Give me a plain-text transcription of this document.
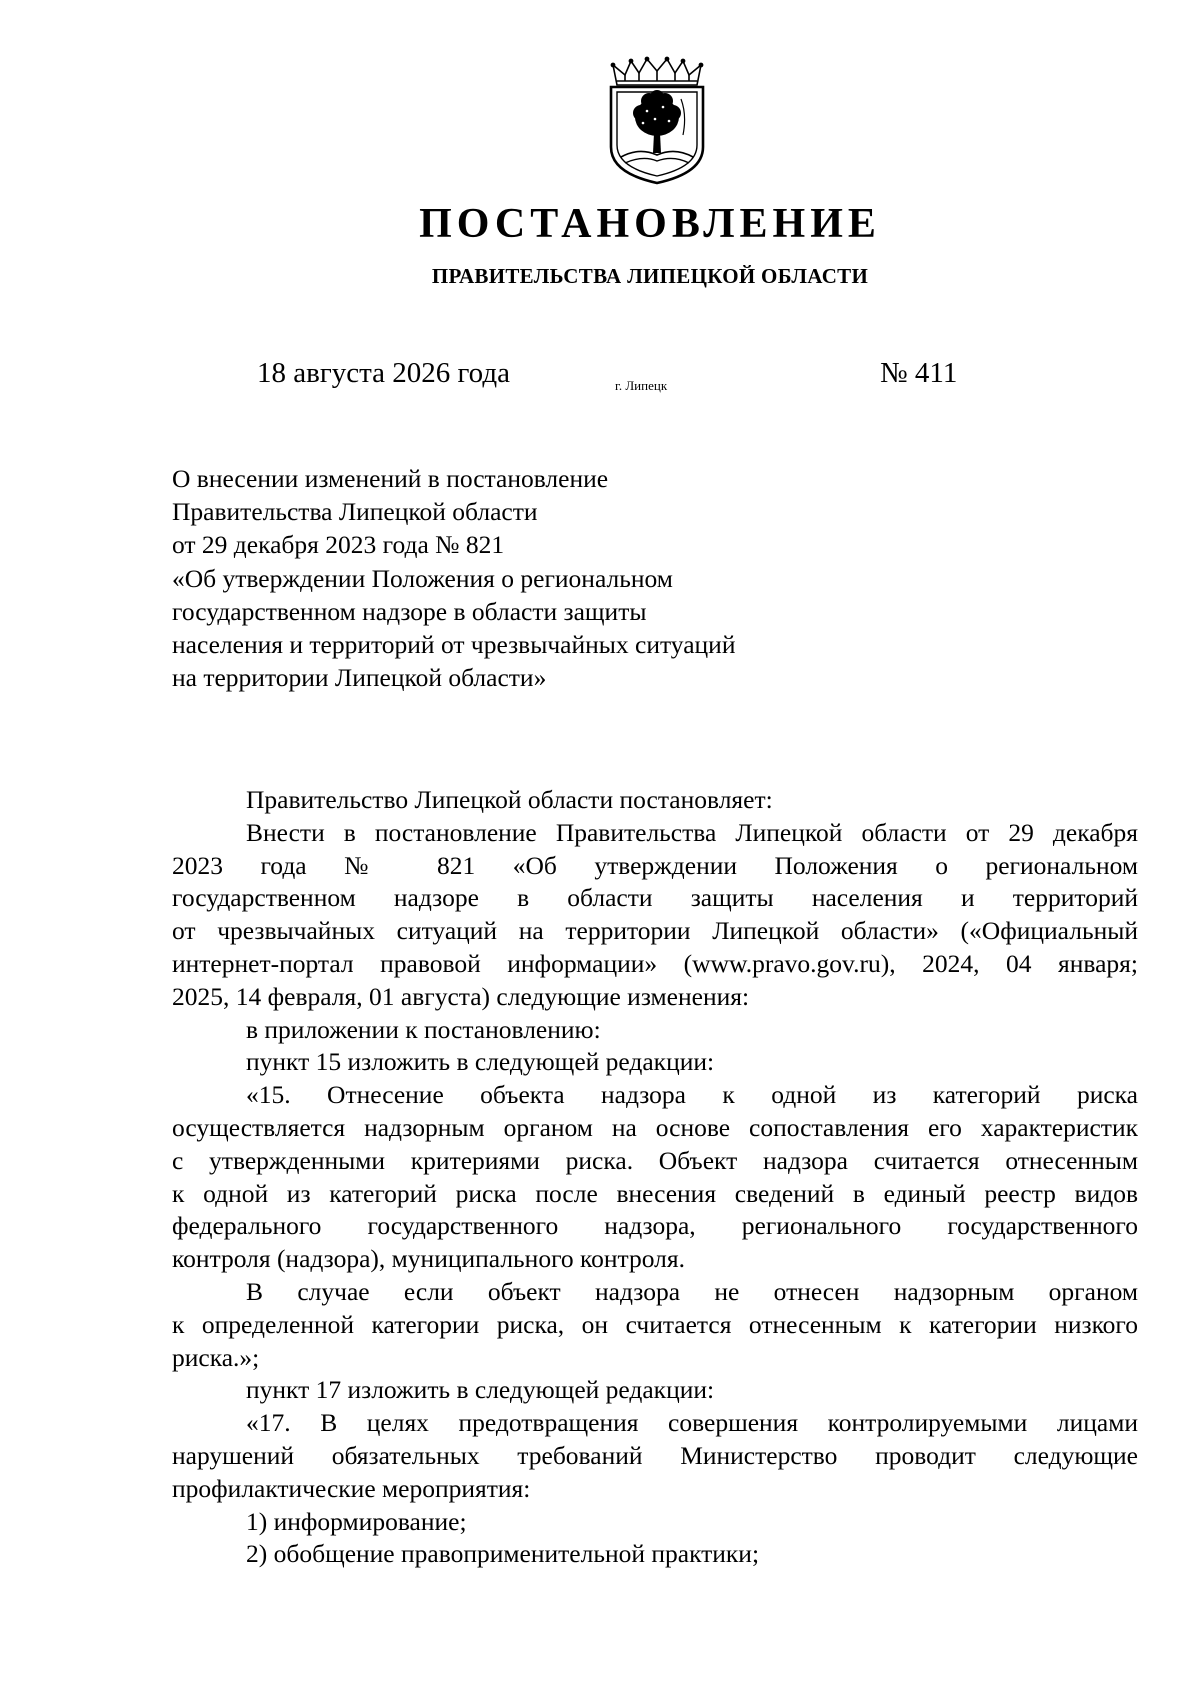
ПОСТАНОВЛЕНИЕ
ПРАВИТЕЛЬСТВА ЛИПЕЦКОЙ ОБЛАСТИ
18 августа 2026 года	г. Липецк	№ 411
О внесении изменений в постановление
Правительства Липецкой области
от 29 декабря 2023 года № 821
«Об утверждении Положения о региональном
государственном надзоре в области защиты
населения и территорий от чрезвычайных ситуаций
на территории Липецкой области»
Правительство Липецкой области постановляет:
Внести в постановление Правительства Липецкой области от 29 декабря
2023 года № 821 «Об утверждении Положения о региональном
государственном надзоре в области защиты населения и территорий
от чрезвычайных ситуаций на территории Липецкой области» («Официальный
интернет-портал правовой информации» (www.pravo.gov.ru), 2024, 04 января;
2025, 14 февраля, 01 августа) следующие изменения:
в приложении к постановлению:
пункт 15 изложить в следующей редакции:
«15. Отнесение объекта надзора к одной из категорий риска
осуществляется надзорным органом на основе сопоставления его характеристик
с утвержденными критериями риска. Объект надзора считается отнесенным
к одной из категорий риска после внесения сведений в единый реестр видов
федерального государственного надзора, регионального государственного
контроля (надзора), муниципального контроля.
В случае если объект надзора не отнесен надзорным органом
к определенной категории риска, он считается отнесенным к категории низкого
риска.»;
пункт 17 изложить в следующей редакции:
«17. В целях предотвращения совершения контролируемыми лицами
нарушений обязательных требований Министерство проводит следующие
профилактические мероприятия:
1) информирование;
2) обобщение правоприменительной практики;
